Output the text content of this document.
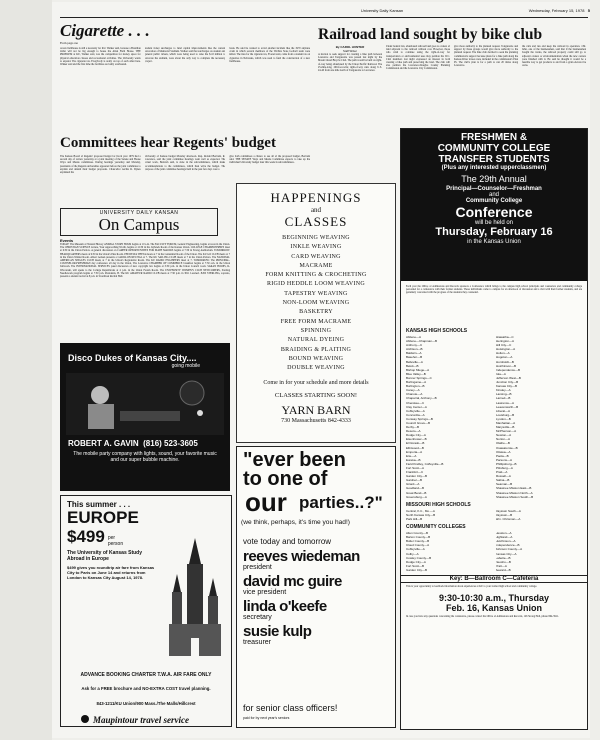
University Daily Kansan	Wednesday, February 15, 1978 5
Cigarette . . .
From page one
A new fieldhouse is still a necessity for KU. Walker said, because a Brazilian dollar will not be big enough to house the Allen Field House. THE PROBLEM at KU, Walker said, was the competition for money space for physical education classes and recreational activities. The University wants to expand. The cigarette tax. Everybody is really on top of each other here. Walker said and the first time the facilities are badly overheated.
student ticket surcharges to fund capital improvements like the current renovation of Memorial Stadium. Walker said that surcharges on student and general public tickets, which were being used to raise the $1.8 million to renovate the stadium, were about the only way to complete the necessary project.
basis. He said he wanted to avoid another incident like the 1970 airplane crash in which several members of the Wichita State football team were killed. The idea for the cigarette tax, Everett said, came from a student tax on cigarettes in Nebraska, which was used to fund the construction of a new fieldhouse.
Railroad land sought by bike club
By CAROL HUNTER
Staff Writer
A motion to seek support for creating a bike path between Lawrence and Tonganoxie was passed last night by the Mount Oread Bicycle Club. The path would be built on right-of-way being abandoned by the Union Pacific Railroad. The 25-mile-long, 200-foot-wide right-of-way runs along U.S. 24-40 from one mile north of Tonganoxie to Lawrence.
Under federal law, abandoned railroad land goes to owners of land adjacent to the railroad without cost. However, those who wish to continue using the right-of-way for transportation or environmental uses may petition the ICC. Club members last night expressed an interest in both creating a bike path and preserving the land. The club will also petition the Lawrence-Douglas County Planning Commission and the Lawrence City Commission.
give more authority to the planned request. Tonganoxie and support by these groups would give more authority to the planned request. The bike club decided to seek the planning commission's support because plans for a bike path along the Kansas River levees were included in the commission's Plan 95. The club's plan is for a path to run 20 miles along Lawrence.
the rails and ties and keep the railroad in operation. J.M. Jahn, one of the businessmen, said that if the businessmen bought the tracks, the railroad property could still go to adjacent owners or environmentalists when the new owners were finished with it. He said he thought it would be a feasible way to get products to and from a grain elevator he owns.
Committees hear Regents' budget
The Kansas Board of Regents' proposed budget for fiscal year 1979 had a second day of review yesterday at a joint meeting of the Senate and House Ways and Means committees. During hearings yesterday and Monday, presidents of the Regents universities appeared before the joint committee to explain and defend their budget proposals. Chancellor Archie R. Dykes explained the
University of Kansas budget Monday afternoon. Rep. Ronald Bertram, R-Lawrence, said the joint committee hearings went well as expected. The actual work, Bertram said, is done in the subcommittees, which make recommendations to the committees, which then write the budget. The purpose of the joint committee hearings held in the past few days was to
give both committees a chance to see all of the proposed budget, Bertram said. THE SENATE Ways and Means Committee expects to take up the individual University budget later this week in subcommittees.
UNIVERSITY DAILY KANSAN
On Campus
Events
TODAY: The Museum of Natural History ANIMAL STORY HOUR begins at 10 a.m. The FACULTY FORUM, Genetic Engineering, begins at noon in the Union. The CHRISTIAN SCIENCE lecture, Your Approaching Worth, begins at 12:30 in the Jayhawk Room of the Kansas Union. COLLEGE CHAMPIONSHIPS meet at 6:30 in the Union Parlors. A general discussion on CAREER OPPORTUNITIES FOR MATH MAJORS begins at 7:30 in Strong Auditorium. TOMORROW: HEADQUARTERS meets at 9:30 in the Union's Pine Room. PHI DELTA THETA meets at 7 in the Centennial Room of the Union. The KU GO CLUB meets at 7 in the Union Walnut Room. Albert Gerken presents a CARILLON RECITAL at 7. The KU SAILING CLUB meets at 7 in the Union Parlors. The NATIONAL AMERICAN SINGLES CLUB meets at 7 in the Union's Regionalist Room. The KU RADIO ENGINEERS meet at 7. TOMORROW: The PRINCIPAL-COUNSELOR-FRESHMAN day conference all day in the Union. The Lawrence CHAMBER OF COMMERCE breakfast begins at 7:30 a.m. in the Union ballroom. The INTERNATIONAL SERVICES panel discussion of new copyright law begins at 3:30 p.m. in the Union Council room. SARAN HOOPS, R-Wisconsin, will speak to the College Republicans at 4 p.m. in the Union Forum Room. The UNIVERSITY WOMEN'S CLUB NEWCOMERS, Starting Needlework program begins at 7:30 p.m. Presidents, B. The KU AMATEUR RADIO CLUB meets at 7:30 p.m. in 3011 Learned. JUDI STERLING, soprano, presents a student recital at 8 p.m. in Swarthout Recital Hall.
Disco Dukes of Kansas City....
going mobile
ROBERT A. GAVIN (816) 523-3605
The mobile party company with lights, sound, your favorite music and our super bubble machine.
This summer . . .
EUROPE
$499 per person
The University of Kansas Study Abroad in Europe
$499 gives you roundtrip air fare from Kansas City to Paris on June 14 and returns from London to Kansas City August 14, 1978.
ADVANCE BOOKING CHARTER T.W.A. AIR FARE ONLY
Ask for a FREE brochure and NO-EXTRA COST travel planning.
843-1211/KU Union/900 Mass./The Malls/Hillcrest
Maupintour travel service
HAPPENINGS
and
CLASSES
BEGINNING WEAVING
INKLE WEAVING
CARD WEAVING
MACRAME
FORM KNITTING & CROCHETING
RIGID HEDDLE LOOM WEAVING
TAPESTRY WEAVING
NON-LOOM WEAVING
BASKETRY
FREE FORM MACRAME
SPINNING
NATURAL DYEING
BRAIDING & PLAITING
BOUND WEAVING
DOUBLE WEAVING
Come in for your schedule and more details
CLASSES STARTING SOON!
YARN BARN
730 Massachusetts 842-4333
"ever been
to one of
our parties..?"
(we think, perhaps, it's time you had!)
vote today and tomorrow
reeves wiedeman
president
david mc guire
vice president
linda o'keefe
secretary
susie kulp
treasurer
for senior class officers!
paid for by next year's seniors
FRESHMEN &
COMMUNITY COLLEGE
TRANSFER STUDENTS
(Plus any interested upperclassmen)
The 29th Annual
Principal—Counselor—Freshman
and
Community College
Conference
will be held on
Thursday, February 16
in the Kansas Union
Each year the Office of Admissions and Records sponsors a Conference which brings to the campus high school principals and counselors and community college personnel for a conference with their former students. These individuals come to campus for an afternoon of discussion and a visit with their former students, and are genuinely concerned with the progress of the students they counseled.
KANSAS HIGH SCHOOLS
Abilene—A
Abilene—Chapman—B
Anthony—C
Atchison—B
Baldwin—A
Basehor—B
Belleville—A
Beloit—B
Bishop Miege—A
Blue Valley—B
Bonner Springs—C
Burlingame—A
Burlington—B
Caney—A
Chanute—A
Chaparral, Anthony—B
Cherokee—C
Clay Center—A
Coffeyville—A
Concordia—A
Conway Springs—B
Council Grove—B
Derby—B
Desoto—A
Dodge City—A
Eisenhower—B
El Dorado—B
Ellinwood—B
Emporia—A
Erie—A
Eureka—B
Field Kindley, Coffeyville—B
Fort Scott—A
Frankfort—C
Garden City—B
Gardner—B
Girard—A
Goodland—B
Great Bend—B
Greensburg—A
Hiawatha—C
Herington—A
Hill City—C
Hoisington—A
Holton—A
Hugoton—A
Humboldt—B
Hutchinson—B
Independence—B
Iola—A
Jefferson West—B
Junction City—B
Kansas City—B
Kinsley—A
Lansing—B
Larned—B
Lawrence—A
Leavenworth—B
Liberal—A
Louisburg—B
Lyndon—B
Manhattan—A
Marysville—B
McPherson—A
Newton—A
Norton—A
Olathe—B
Osawatomie—B
Ottawa—A
Paola—B
Parsons—A
Phillipsburg—B
Pittsburg—A
Pratt—A
Russell—A
Salina—B
Seaman—B
Shawnee Mission East—B
Shawnee Mission North—A
Shawnee Mission South—B
MISSOURI HIGH SCHOOLS
Central, K.C., Mo.—A
North Kansas City—B
Park Hill—B
Raytown South—A
Raytown—B
Wm. Chrisman—A
COMMUNITY COLLEGES
Allen County—B
Barton County—B
Butler County—B
Cloud County—A
Coffeyville—A
Colby—A
Cowley County—B
Dodge City—A
Fort Scott—B
Garden City—B
Hesston—A
Highland—A
Hutchinson—A
Independence—B
Johnson County—A
Kansas City—A
Labette—B
Neosho—B
Pratt—A
Seward—B
Key: B—Ballroom C—Cafeteria
This is your opportunity to feedback information about experiences at KU to your former high school and community college.
9:30-10:30 a.m., Thursday
Feb. 16, Kansas Union
In case you have any questions concerning the conference, please contact the Office of Admissions and Records, 126 Strong Hall, phone 864-3911.
